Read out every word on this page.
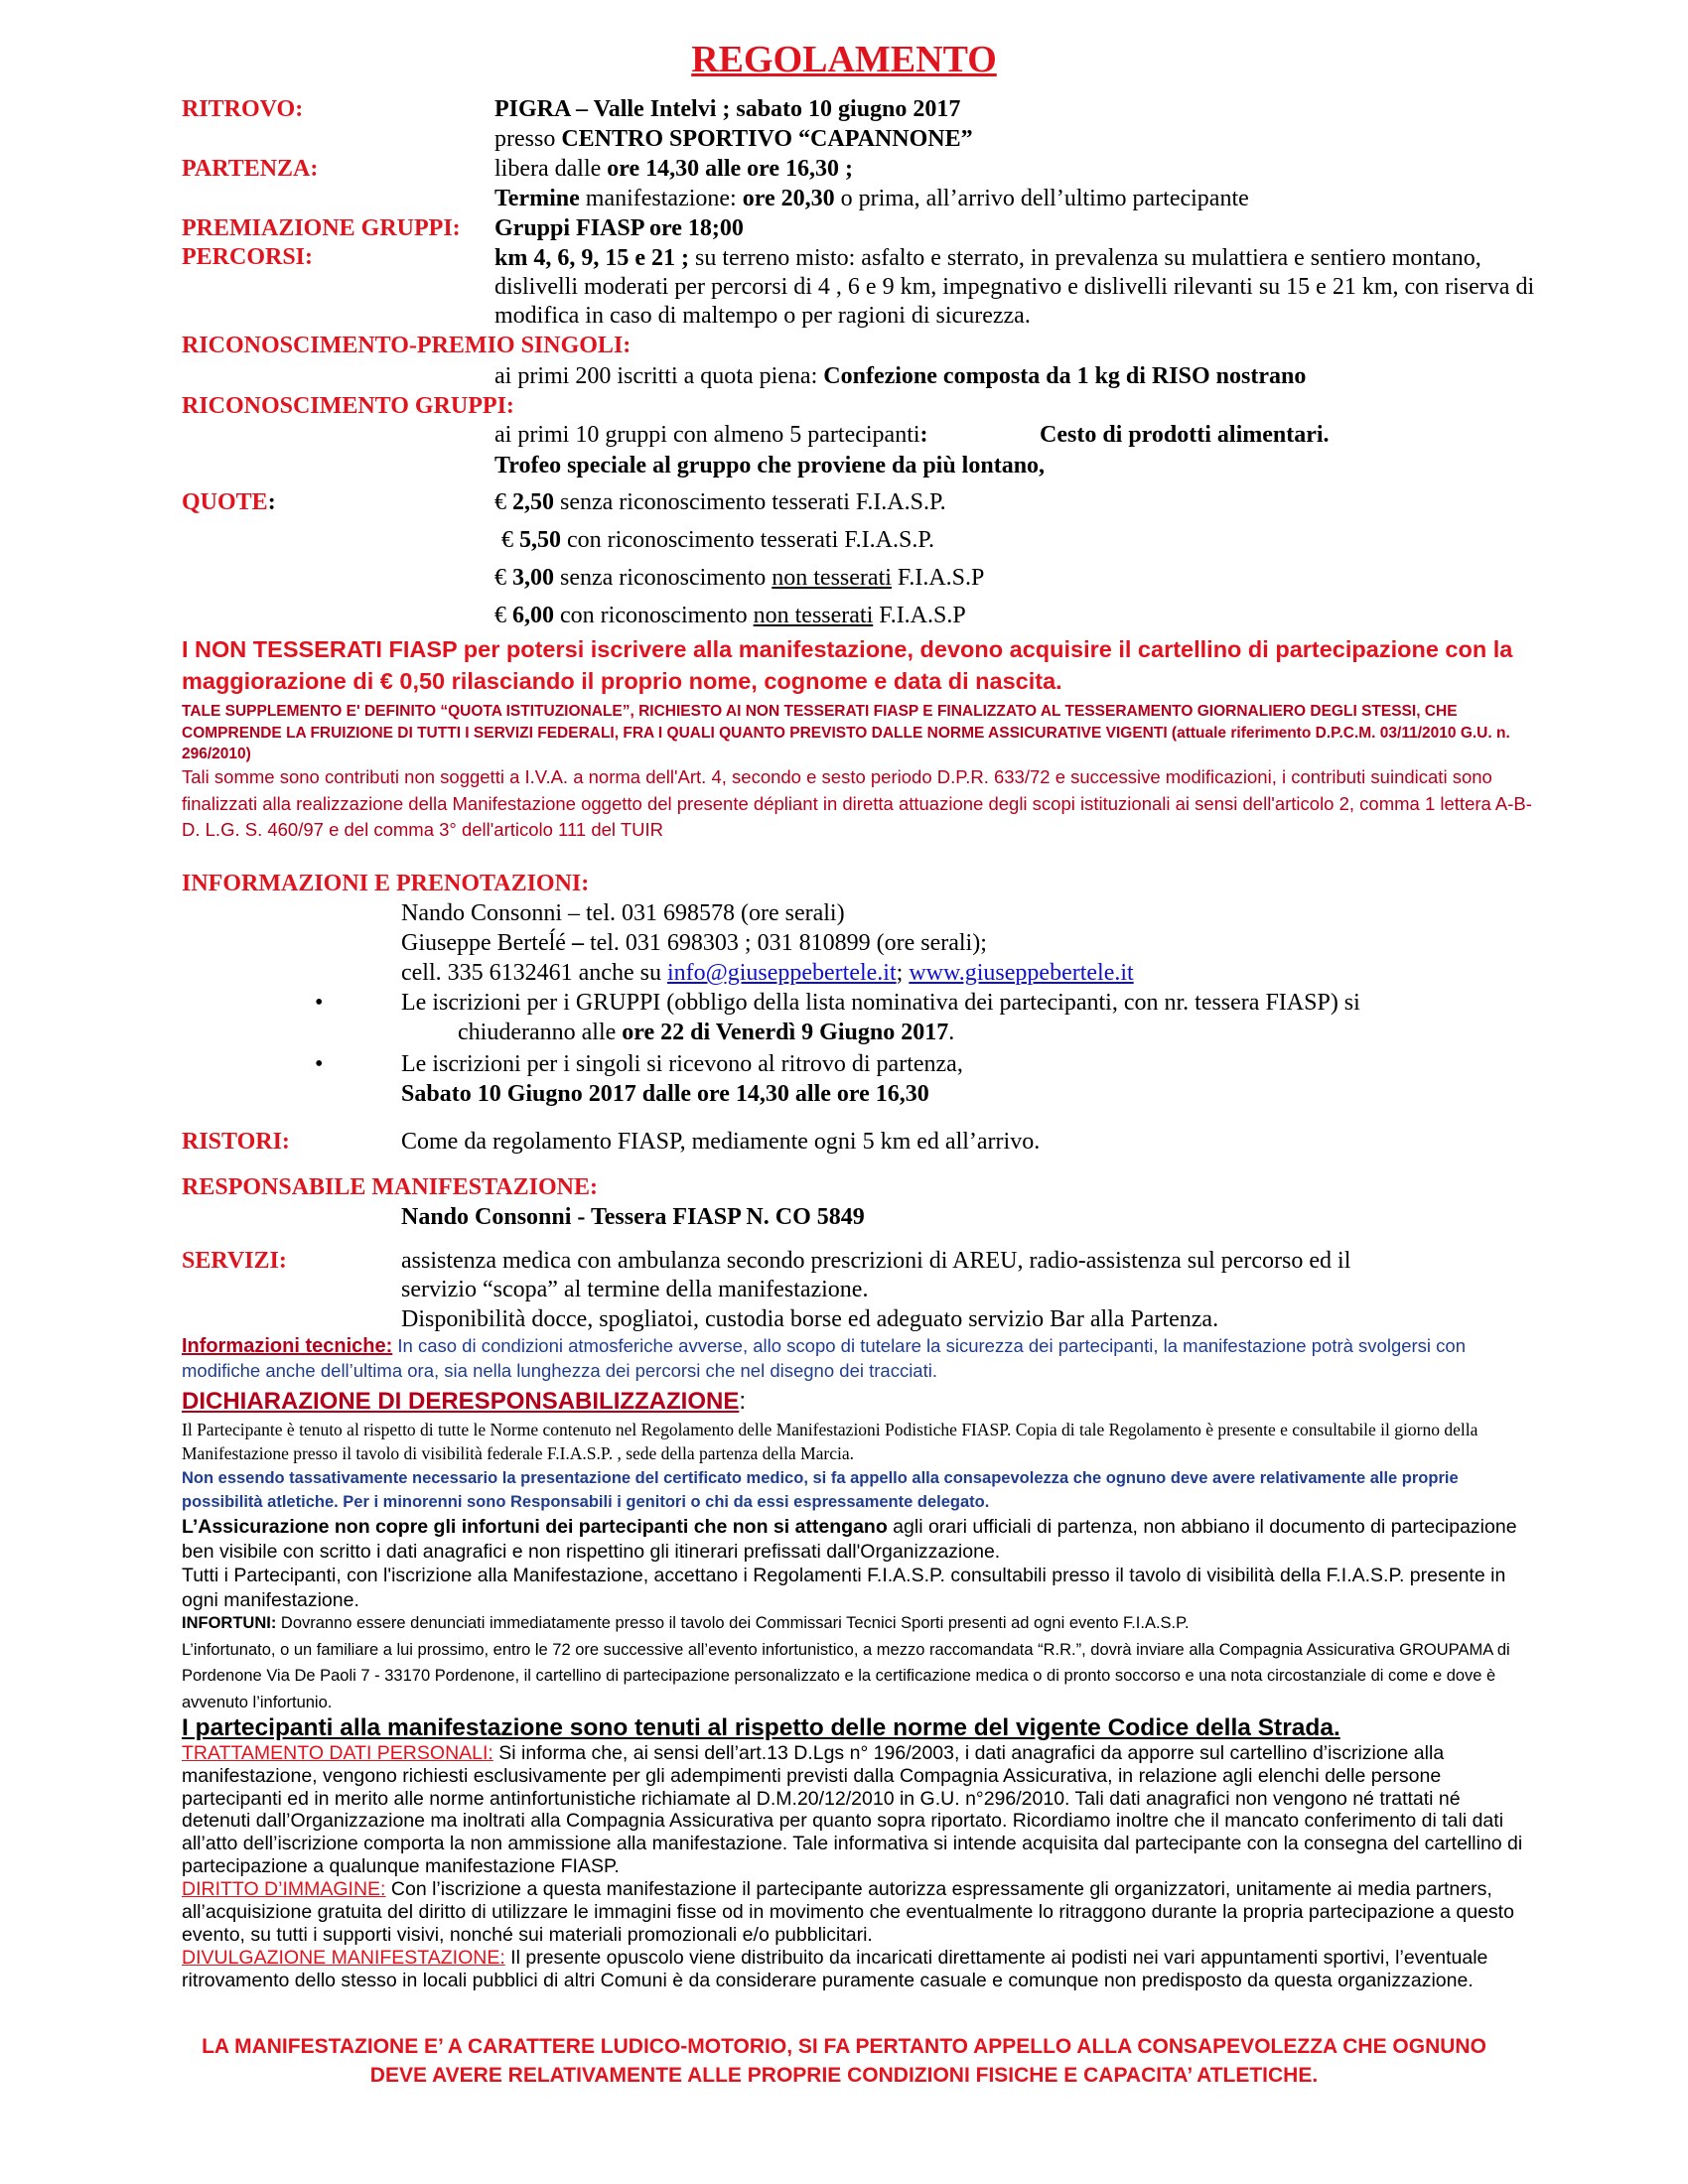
REGOLAMENTO
RITROVO:	PIGRA – Valle Intelvi ; sabato 10 giugno 2017
presso CENTRO SPORTIVO “CAPANNONE”
PARTENZA:	libera dalle ore 14,30 alle ore 16,30 ;
Termine manifestazione: ore 20,30 o prima, all’arrivo dell’ultimo partecipante
PREMIAZIONE GRUPPI: Gruppi FIASP ore 18;00
PERCORSI:	km 4, 6, 9, 15 e 21 ; su terreno misto: asfalto e sterrato, in prevalenza su mulattiera e sentiero montano, dislivelli moderati per percorsi di 4 , 6 e 9 km, impegnativo e dislivelli rilevanti su 15 e 21 km, con riserva di modifica in caso di maltempo o per ragioni di sicurezza.
RICONOSCIMENTO-PREMIO SINGOLI:
ai primi 200 iscritti a quota piena: Confezione composta da 1 kg di RISO nostrano
RICONOSCIMENTO GRUPPI:
ai primi 10 gruppi con almeno 5 partecipanti:	Cesto di prodotti alimentari.
Trofeo speciale al gruppo che proviene da più lontano,
QUOTE:	€ 2,50 senza riconoscimento tesserati F.I.A.S.P.
€ 5,50 con riconoscimento tesserati F.I.A.S.P.
€ 3,00 senza riconoscimento non tesserati F.I.A.S.P
€ 6,00 con riconoscimento non tesserati F.I.A.S.P
I NON TESSERATI FIASP per potersi iscrivere alla manifestazione, devono acquisire il cartellino di partecipazione con la maggiorazione di € 0,50 rilasciando il proprio nome, cognome e data di nascita.
TALE SUPPLEMENTO E' DEFINITO “QUOTA ISTITUZIONALE”, RICHIESTO AI NON TESSERATI FIASP E FINALIZZATO AL TESSERAMENTO GIORNALIERO DEGLI STESSI, CHE COMPRENDE LA FRUIZIONE DI TUTTI I SERVIZI FEDERALI, FRA I QUALI QUANTO PREVISTO DALLE NORME ASSICURATIVE VIGENTI (attuale riferimento D.P.C.M. 03/11/2010 G.U. n. 296/2010)
Tali somme sono contributi non soggetti a I.V.A. a norma dell'Art. 4, secondo e sesto periodo D.P.R. 633/72 e successive modificazioni, i contributi suindicati sono finalizzati alla realizzazione della Manifestazione oggetto del presente dépliant in diretta attuazione degli scopi istituzionali ai sensi dell'articolo 2, comma 1 lettera A-B-D. L.G. S. 460/97 e del comma 3° dell'articolo 111 del TUIR
INFORMAZIONI E PRENOTAZIONI:
Nando Consonni – tel. 031 698578 (ore serali)
Giuseppe Berteĺé – tel. 031 698303 ; 031 810899 (ore serali);
cell. 335 6132461 anche su info@giuseppebertele.it; www.giuseppebertele.it
•	Le iscrizioni per i GRUPPI (obbligo della lista nominativa dei partecipanti, con nr. tessera FIASP) si
chiuderanno alle ore 22 di Venerdì 9 Giugno 2017.
•	Le iscrizioni per i singoli si ricevono al ritrovo di partenza,
Sabato 10 Giugno 2017 dalle ore 14,30 alle ore 16,30
RISTORI:	Come da regolamento FIASP, mediamente ogni 5 km ed all’arrivo.
RESPONSABILE MANIFESTAZIONE:
Nando Consonni - Tessera FIASP N. CO 5849
SERVIZI:	assistenza medica con ambulanza secondo prescrizioni di AREU, radio-assistenza sul percorso ed il
servizio “scopa” al termine della manifestazione.
Disponibilità docce, spogliatoi, custodia borse ed adeguato servizio Bar alla Partenza.
Informazioni tecniche: In caso di condizioni atmosferiche avverse, allo scopo di tutelare la sicurezza dei partecipanti, la manifestazione potrà svolgersi con modifiche anche dell’ultima ora, sia nella lunghezza dei percorsi che nel disegno dei tracciati.
DICHIARAZIONE DI DERESPONSABILIZZAZIONE:
Il Partecipante è tenuto al rispetto di tutte le Norme contenuto nel Regolamento delle Manifestazioni Podistiche FIASP. Copia di tale Regolamento è presente e consultabile il giorno della Manifestazione presso il tavolo di visibilità federale F.I.A.S.P. , sede della partenza della Marcia.
Non essendo tassativamente necessario la presentazione del certificato medico, si fa appello alla consapevolezza che ognuno deve avere relativamente alle proprie possibilità atletiche. Per i minorenni sono Responsabili i genitori o chi da essi espressamente delegato.
L’Assicurazione non copre gli infortuni dei partecipanti che non si attengano agli orari ufficiali di partenza, non abbiano il documento di partecipazione ben visibile con scritto i dati anagrafici e non rispettino gli itinerari prefissati dall'Organizzazione.
Tutti i Partecipanti, con l'iscrizione alla Manifestazione, accettano i Regolamenti F.I.A.S.P. consultabili presso il tavolo di visibilità della F.I.A.S.P. presente in ogni manifestazione.
INFORTUNI: Dovranno essere denunciati immediatamente presso il tavolo dei Commissari Tecnici Sporti presenti ad ogni evento F.I.A.S.P.
L’infortunato, o un familiare a lui prossimo, entro le 72 ore successive all’evento infortunistico, a mezzo raccomandata “R.R.”, dovrà inviare alla Compagnia Assicurativa GROUPAMA di Pordenone Via De Paoli 7 - 33170 Pordenone, il cartellino di partecipazione personalizzato e la certificazione medica o di pronto soccorso e una nota circostanziale di come e dove è avvenuto l’infortunio.
I partecipanti alla manifestazione sono tenuti al rispetto delle norme del vigente Codice della Strada.
TRATTAMENTO DATI PERSONALI: Si informa che, ai sensi dell’art.13 D.Lgs n° 196/2003, i dati anagrafici da apporre sul cartellino d’iscrizione alla manifestazione, vengono richiesti esclusivamente per gli adempimenti previsti dalla Compagnia Assicurativa, in relazione agli elenchi delle persone partecipanti ed in merito alle norme antinfortunistiche richiamate al D.M.20/12/2010 in G.U. n°296/2010. Tali dati anagrafici non vengono né trattati né detenuti dall’Organizzazione ma inoltrati alla Compagnia Assicurativa per quanto sopra riportato. Ricordiamo inoltre che il mancato conferimento di tali dati all’atto dell’iscrizione comporta la non ammissione alla manifestazione. Tale informativa si intende acquisita dal partecipante con la consegna del cartellino di partecipazione a qualunque manifestazione FIASP.
DIRITTO D’IMMAGINE: Con l’iscrizione a questa manifestazione il partecipante autorizza espressamente gli organizzatori, unitamente ai media partners, all’acquisizione gratuita del diritto di utilizzare le immagini fisse od in movimento che eventualmente lo ritraggono durante la propria partecipazione a questo evento, su tutti i supporti visivi, nonché sui materiali promozionali e/o pubblicitari.
DIVULGAZIONE MANIFESTAZIONE: Il presente opuscolo viene distribuito da incaricati direttamente ai podisti nei vari appuntamenti sportivi, l’eventuale ritrovamento dello stesso in locali pubblici di altri Comuni è da considerare puramente casuale e comunque non predisposto da questa organizzazione.
LA MANIFESTAZIONE E’ A CARATTERE LUDICO-MOTORIO, SI FA PERTANTO APPELLO ALLA CONSAPEVOLEZZA CHE OGNUNO
DEVE AVERE RELATIVAMENTE ALLE PROPRIE CONDIZIONI FISICHE E CAPACITA’ ATLETICHE.
